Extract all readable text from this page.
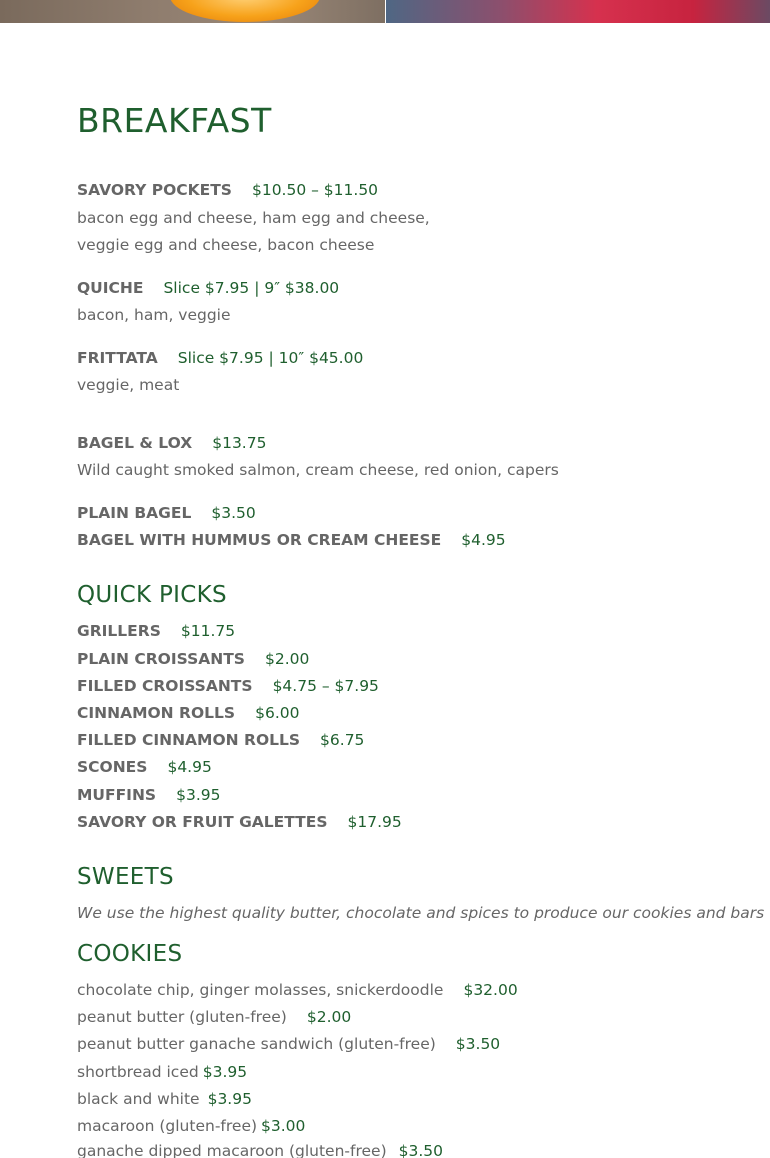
BREAKFAST
SAVORY POCKETS $10.50 – $11.50
bacon egg and cheese, ham egg and cheese,
veggie egg and cheese, bacon cheese
QUICHE Slice $7.95 | 9″ $38.00
bacon, ham, veggie
FRITTATA Slice $7.95 | 10″ $45.00
veggie, meat
BAGEL & LOX $13.75
Wild caught smoked salmon, cream cheese, red onion, capers
PLAIN BAGEL $3.50
BAGEL WITH HUMMUS OR CREAM CHEESE $4.95
QUICK PICKS
GRILLERS $11.75
PLAIN CROISSANTS $2.00
FILLED CROISSANTS $4.75 – $7.95
CINNAMON ROLLS $6.00
FILLED CINNAMON ROLLS $6.75
SCONES $4.95
MUFFINS $3.95
SAVORY OR FRUIT GALETTES $17.95
SWEETS
We use the highest quality butter, chocolate and spices to produce our cookies and bars
COOKIES
chocolate chip, ginger molasses, snickerdoodle $32.00
peanut butter (gluten-free) $2.00
peanut butter ganache sandwich (gluten-free) $3.50
shortbread iced $3.95
black and white $3.95
macaroon (gluten-free) $3.00
ganache dipped macaroon (gluten-free) $3.50
